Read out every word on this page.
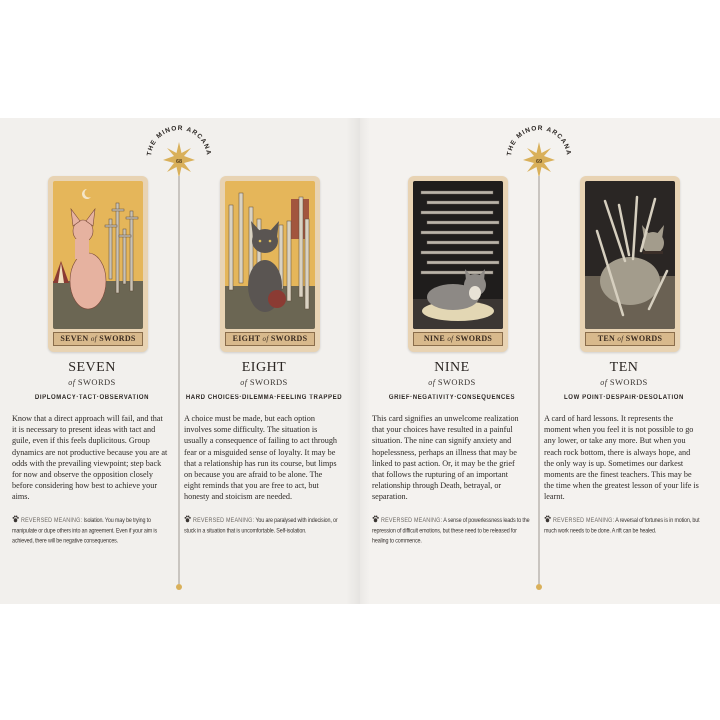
THE MINOR ARCANA
68
SEVEN of SWORDS
SEVEN
of SWORDS
DIPLOMACY·TACT·OBSERVATION
Know that a direct approach will fail, and that it is necessary to present ideas with tact and guile, even if this feels duplicitous. Group dynamics are not productive because you are at odds with the prevailing viewpoint; step back for now and observe the opposition closely before considering how best to achieve your aims.
REVERSED MEANING: Isolation. You may be trying to manipulate or dupe others into an agreement. Even if your aim is achieved, there will be negative consequences.
EIGHT of SWORDS
EIGHT
of SWORDS
HARD CHOICES·DILEMMA·FEELING TRAPPED
A choice must be made, but each option involves some difficulty. The situation is usually a consequence of failing to act through fear or a misguided sense of loyalty. It may be that a relationship has run its course, but limps on because you are afraid to be alone. The eight reminds that you are free to act, but honesty and stoicism are needed.
REVERSED MEANING: You are paralysed with indecision, or stuck in a situation that is uncomfortable. Self-isolation.
THE MINOR ARCANA
69
NINE of SWORDS
NINE
of SWORDS
GRIEF·NEGATIVITY·CONSEQUENCES
This card signifies an unwelcome realization that your choices have resulted in a painful situation. The nine can signify anxiety and hopelessness, perhaps an illness that may be linked to past action. Or, it may be the grief that follows the rupturing of an important relationship through Death, betrayal, or separation.
REVERSED MEANING: A sense of powerlessness leads to the repression of difficult emotions, but these need to be released for healing to commence.
TEN of SWORDS
TEN
of SWORDS
LOW POINT·DESPAIR·DESOLATION
A card of hard lessons. It represents the moment when you feel it is not possible to go any lower, or take any more. But when you reach rock bottom, there is always hope, and the only way is up. Sometimes our darkest moments are the finest teachers. This may be the time when the greatest lesson of your life is learnt.
REVERSED MEANING: A reversal of fortunes is in motion, but much work needs to be done. A rift can be healed.
